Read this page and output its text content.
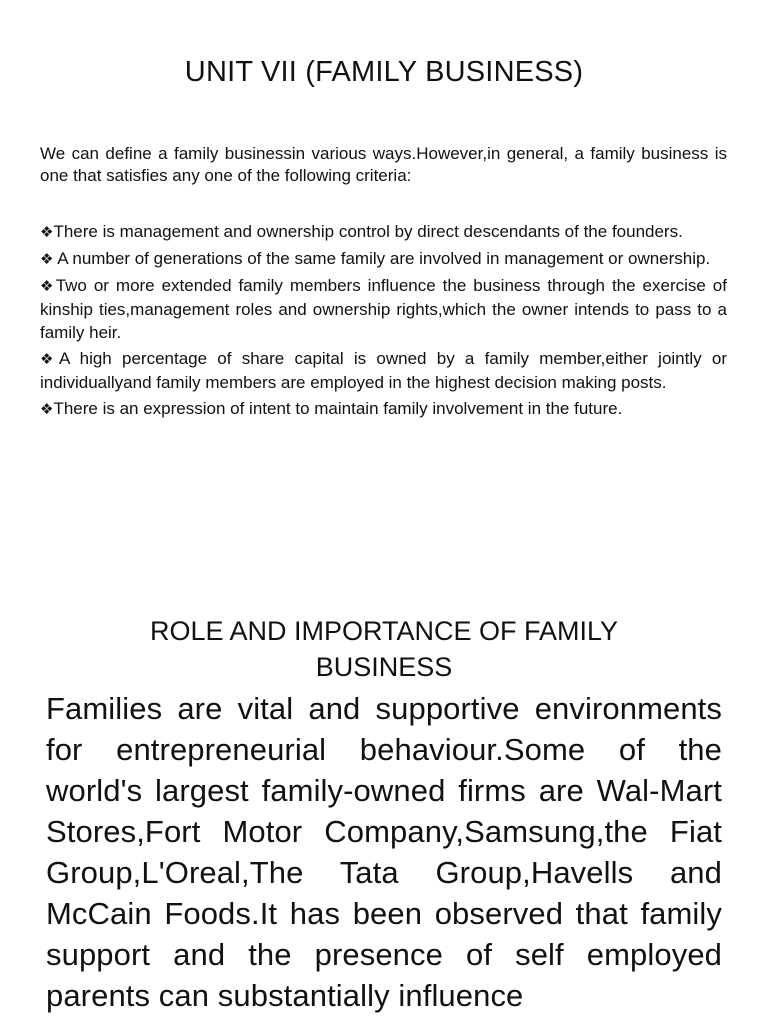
UNIT VII (FAMILY BUSINESS)

We can define a family businessin various ways.However,in general, a family business is one that satisfies any one of the following criteria:

❖There is management and ownership control by direct descendants of the founders.
❖ A number of generations of the same family are involved in management or ownership.
❖Two or more extended family members influence the business through the exercise of kinship ties,management roles and ownership rights,which the owner intends to pass to a family heir.
❖A high percentage of share capital is owned by a family member,either jointly or individuallyand family members are employed in the highest decision making posts.
❖There is an expression of intent to maintain family involvement in the future.
ROLE AND IMPORTANCE OF FAMILY BUSINESS

Families are vital and supportive environments for entrepreneurial behaviour.Some of the world's largest family-owned firms are Wal-Mart Stores,Fort Motor Company,Samsung,the Fiat Group,L'Oreal,The Tata Group,Havells and McCain Foods.It has been observed that family support and the presence of self employed parents can substantially influence
